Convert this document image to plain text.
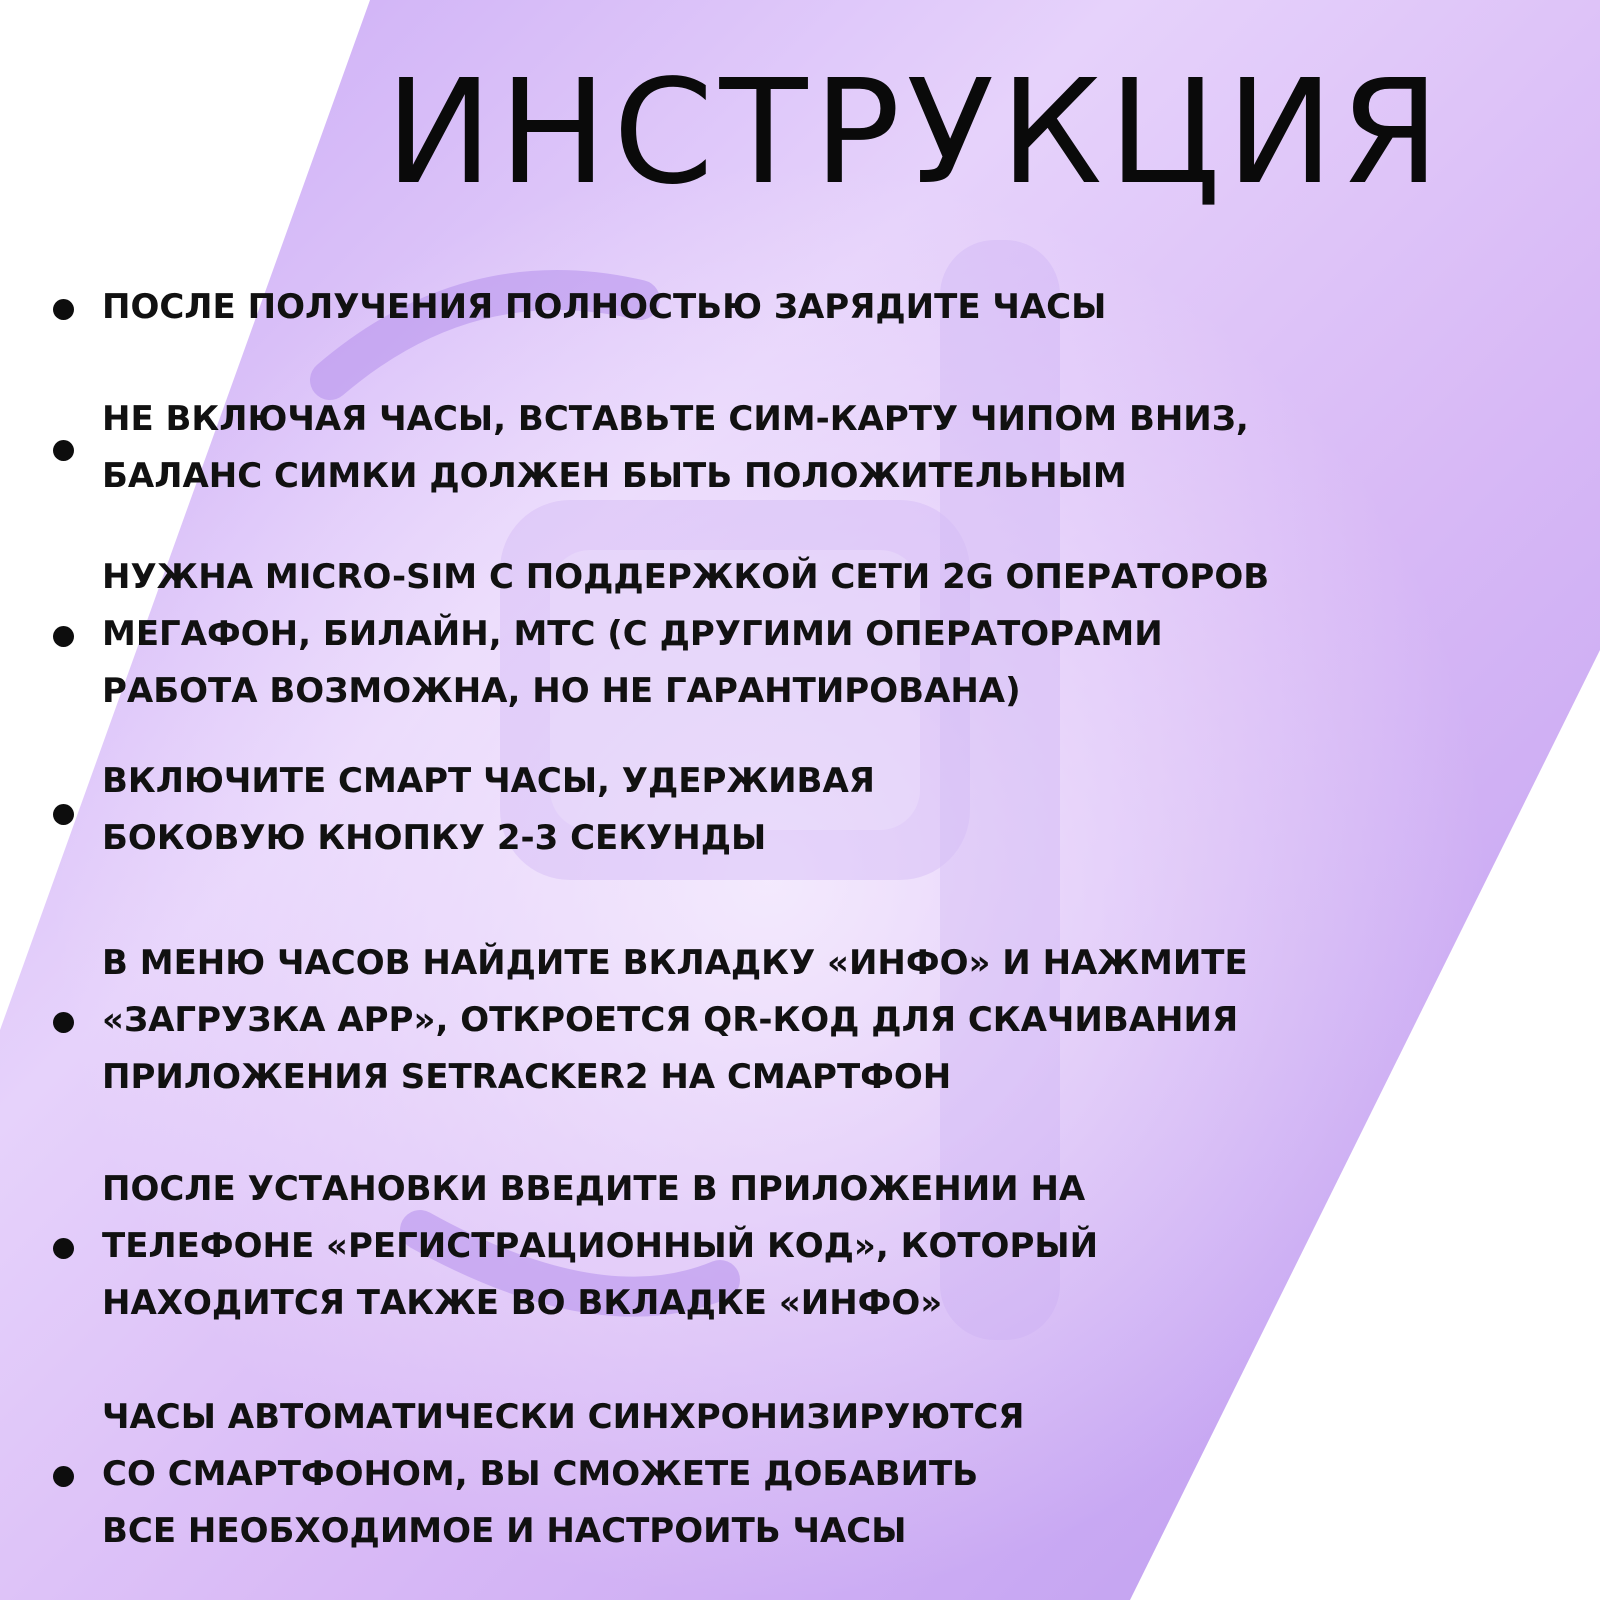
ИНСТРУКЦИЯ
ПОСЛЕ ПОЛУЧЕНИЯ ПОЛНОСТЬЮ ЗАРЯДИТЕ ЧАСЫ
НЕ ВКЛЮЧАЯ ЧАСЫ, ВСТАВЬТЕ СИМ-КАРТУ ЧИПОМ ВНИЗ,
БАЛАНС СИМКИ ДОЛЖЕН БЫТЬ ПОЛОЖИТЕЛЬНЫМ
НУЖНА MICRO-SIM С ПОДДЕРЖКОЙ СЕТИ 2G ОПЕРАТОРОВ
МЕГАФОН, БИЛАЙН, МТС (С ДРУГИМИ ОПЕРАТОРАМИ
РАБОТА ВОЗМОЖНА, НО НЕ ГАРАНТИРОВАНА)
ВКЛЮЧИТЕ СМАРТ ЧАСЫ, УДЕРЖИВАЯ
БОКОВУЮ КНОПКУ 2-3 СЕКУНДЫ
В МЕНЮ ЧАСОВ НАЙДИТЕ ВКЛАДКУ «ИНФО» И НАЖМИТЕ
«ЗАГРУЗКА APP», ОТКРОЕТСЯ QR-КОД ДЛЯ СКАЧИВАНИЯ
ПРИЛОЖЕНИЯ SETRACKER2 НА СМАРТФОН
ПОСЛЕ УСТАНОВКИ ВВЕДИТЕ В ПРИЛОЖЕНИИ НА
ТЕЛЕФОНЕ «РЕГИСТРАЦИОННЫЙ КОД», КОТОРЫЙ
НАХОДИТСЯ ТАКЖЕ ВО ВКЛАДКЕ «ИНФО»
ЧАСЫ АВТОМАТИЧЕСКИ СИНХРОНИЗИРУЮТСЯ
СО СМАРТФОНОМ, ВЫ СМОЖЕТЕ ДОБАВИТЬ
ВСЕ НЕОБХОДИМОЕ И НАСТРОИТЬ ЧАСЫ
